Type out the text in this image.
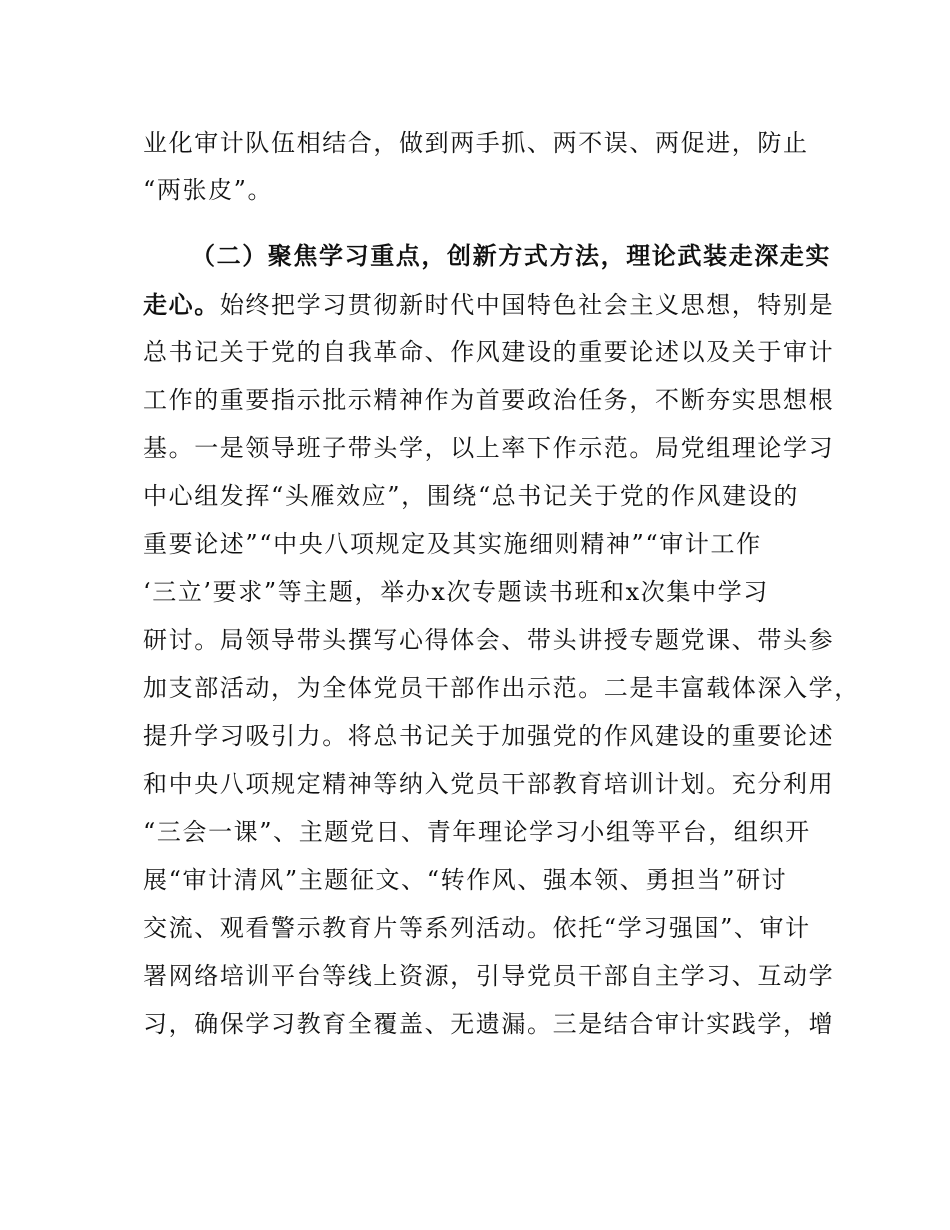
业化审计队伍相结合，做到两手抓、两不误、两促进，防止
“两张皮”。
（二）聚焦学习重点，创新方式方法，理论武装走深走实
走心。始终把学习贯彻新时代中国特色社会主义思想，特别是
总书记关于党的自我革命、作风建设的重要论述以及关于审计
工作的重要指示批示精神作为首要政治任务，不断夯实思想根
基。一是领导班子带头学，以上率下作示范。局党组理论学习
中心组发挥“头雁效应”，围绕“总书记关于党的作风建设的
重要论述”“中央八项规定及其实施细则精神”“审计工作
‘三立’要求”等主题，举办x次专题读书班和x次集中学习
研讨。局领导带头撰写心得体会、带头讲授专题党课、带头参
加支部活动，为全体党员干部作出示范。二是丰富载体深入学，
提升学习吸引力。将总书记关于加强党的作风建设的重要论述
和中央八项规定精神等纳入党员干部教育培训计划。充分利用
“三会一课”、主题党日、青年理论学习小组等平台，组织开
展“审计清风”主题征文、“转作风、强本领、勇担当”研讨
交流、观看警示教育片等系列活动。依托“学习强国”、审计
署网络培训平台等线上资源，引导党员干部自主学习、互动学
习，确保学习教育全覆盖、无遗漏。三是结合审计实践学，增
